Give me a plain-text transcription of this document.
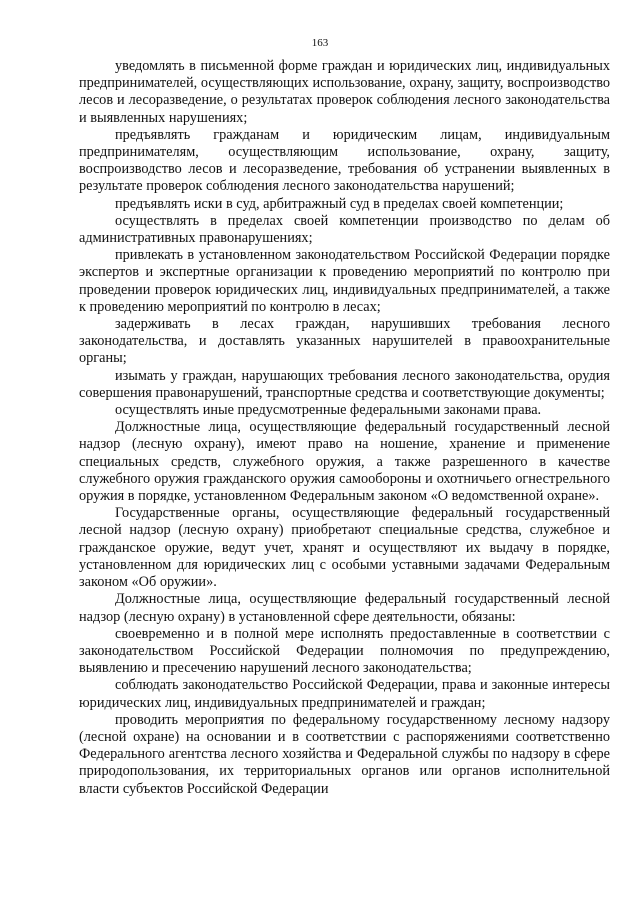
163

уведомлять в письменной форме граждан и юридических лиц, индивидуальных предпринимателей, осуществляющих использование, охрану, защиту, воспроизводство лесов и лесоразведение, о результатах проверок соблюдения лесного законодательства и выявленных нарушениях;

предъявлять гражданам и юридическим лицам, индивидуальным предпринимателям, осуществляющим использование, охрану, защиту, воспроизводство лесов и лесоразведение, требования об устранении выявленных в результате проверок соблюдения лесного законодательства нарушений;

предъявлять иски в суд, арбитражный суд в пределах своей компетенции;

осуществлять в пределах своей компетенции производство по делам об административных правонарушениях;

привлекать в установленном законодательством Российской Федерации порядке экспертов и экспертные организации к проведению мероприятий по контролю при проведении проверок юридических лиц, индивидуальных предпринимателей, а также к проведению мероприятий по контролю в лесах;

задерживать в лесах граждан, нарушивших требования лесного законодательства, и доставлять указанных нарушителей в правоохранительные органы;

изымать у граждан, нарушающих требования лесного законодательства, орудия совершения правонарушений, транспортные средства и соответствующие документы;

осуществлять иные предусмотренные федеральными законами права.

Должностные лица, осуществляющие федеральный государственный лесной надзор (лесную охрану), имеют право на ношение, хранение и применение специальных средств, служебного оружия, а также разрешенного в качестве служебного оружия гражданского оружия самообороны и охотничьего огнестрельного оружия в порядке, установленном Федеральным законом «О ведомственной охране».

Государственные органы, осуществляющие федеральный государственный лесной надзор (лесную охрану) приобретают специальные средства, служебное и гражданское оружие, ведут учет, хранят и осуществляют их выдачу в порядке, установленном для юридических лиц с особыми уставными задачами Федеральным законом «Об оружии».

Должностные лица, осуществляющие федеральный государственный лесной надзор (лесную охрану) в установленной сфере деятельности, обязаны:

своевременно и в полной мере исполнять предоставленные в соответствии с законодательством Российской Федерации полномочия по предупреждению, выявлению и пресечению нарушений лесного законодательства;

соблюдать законодательство Российской Федерации, права и законные интересы юридических лиц, индивидуальных предпринимателей и граждан;

проводить мероприятия по федеральному государственному лесному надзору (лесной охране) на основании и в соответствии с распоряжениями соответственно Федерального агентства лесного хозяйства и Федеральной службы по надзору в сфере природопользования, их территориальных органов или органов исполнительной власти субъектов Российской Федерации
